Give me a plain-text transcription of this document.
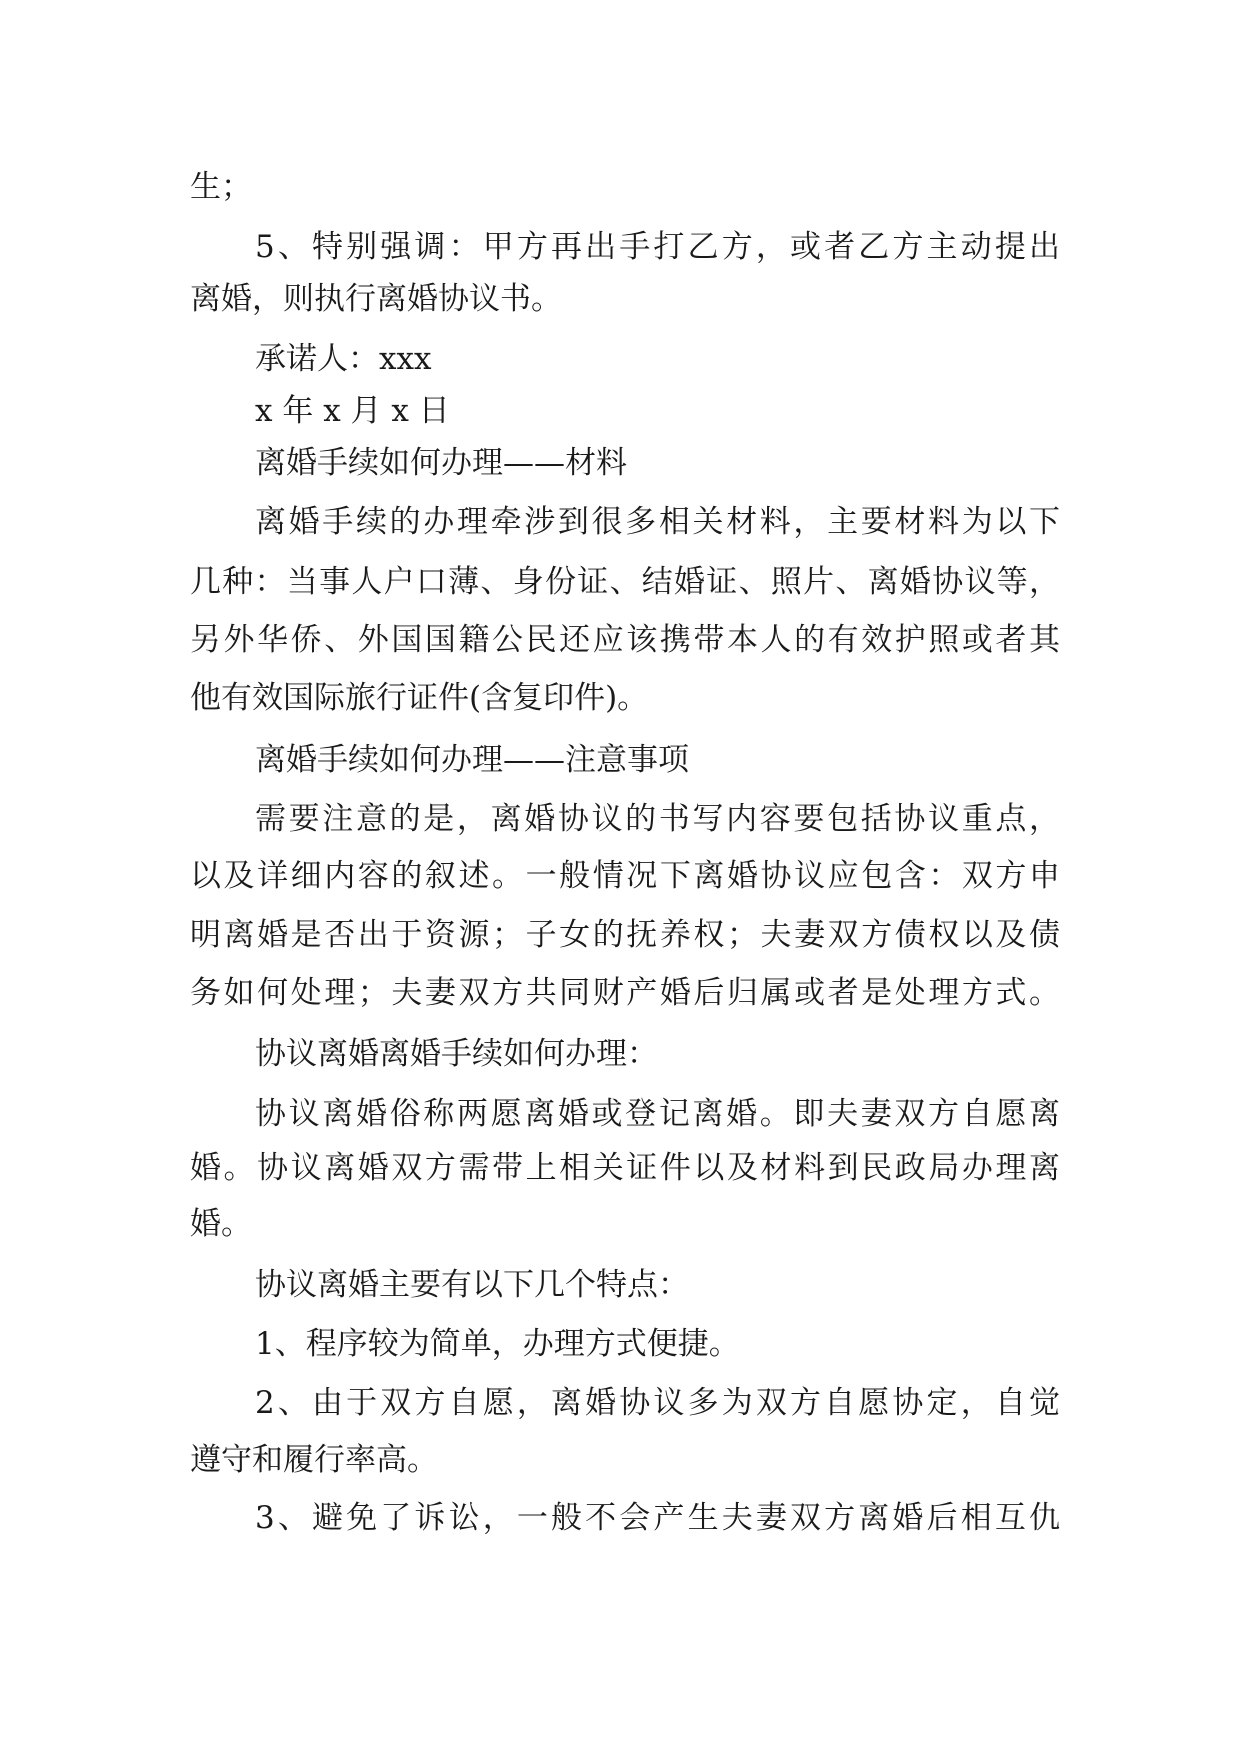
生；
5、特别强调：甲方再出手打乙方，或者乙方主动提出
离婚，则执行离婚协议书。
承诺人：xxx
x 年 x 月 x 日
离婚手续如何办理——材料
离婚手续的办理牵涉到很多相关材料，主要材料为以下
几种：当事人户口薄、身份证、结婚证、照片、离婚协议等，
另外华侨、外国国籍公民还应该携带本人的有效护照或者其
他有效国际旅行证件(含复印件)。
离婚手续如何办理——注意事项
需要注意的是，离婚协议的书写内容要包括协议重点，
以及详细内容的叙述。一般情况下离婚协议应包含：双方申
明离婚是否出于资源；子女的抚养权；夫妻双方债权以及债
务如何处理；夫妻双方共同财产婚后归属或者是处理方式。
协议离婚离婚手续如何办理：
协议离婚俗称两愿离婚或登记离婚。即夫妻双方自愿离
婚。协议离婚双方需带上相关证件以及材料到民政局办理离
婚。
协议离婚主要有以下几个特点：
1、程序较为简单，办理方式便捷。
2、由于双方自愿，离婚协议多为双方自愿协定，自觉
遵守和履行率高。
3、避免了诉讼，一般不会产生夫妻双方离婚后相互仇
